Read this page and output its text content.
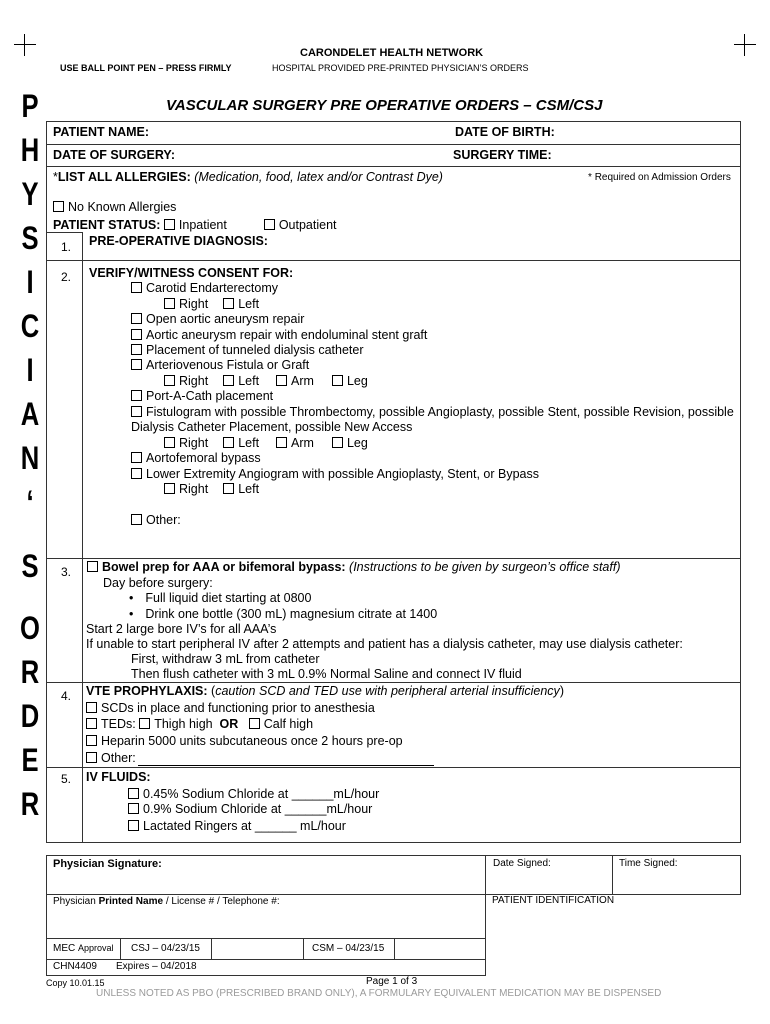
CARONDELET HEALTH NETWORK
USE BALL POINT PEN – PRESS FIRMLY	HOSPITAL PROVIDED PRE-PRINTED PHYSICIAN’S ORDERS
VASCULAR SURGERY PRE OPERATIVE ORDERS – CSM/CSJ
P
H
Y
S
I
C
I
A
N
‘
S
O
R
D
E
R
PATIENT NAME:	DATE OF BIRTH:
DATE OF SURGERY:	SURGERY TIME:
*LIST ALL ALLERGIES: (Medication, food, latex and/or Contrast Dye)	* Required on Admission Orders
No Known Allergies
PATIENT STATUS: Inpatient	Outpatient
1. PRE-OPERATIVE DIAGNOSIS:
2. VERIFY/WITNESS CONSENT FOR:
Carotid Endarterectomy
Right Left
Open aortic aneurysm repair
Aortic aneurysm repair with endoluminal stent graft
Placement of tunneled dialysis catheter
Arteriovenous Fistula or Graft
Right Left	Arm	Leg
Port-A-Cath placement
Fistulogram with possible Thrombectomy, possible Angioplasty, possible Stent, possible Revision, possible
Dialysis Catheter Placement, possible New Access
Right Left	Arm	Leg
Aortofemoral bypass
Lower Extremity Angiogram with possible Angioplasty, Stent, or Bypass
Right Left
Other:
3.	Bowel prep for AAA or bifemoral bypass: (Instructions to be given by surgeon’s office staff)
Day before surgery:
• Full liquid diet starting at 0800
• Drink one bottle (300 mL) magnesium citrate at 1400
Start 2 large bore IV’s for all AAA’s
If unable to start peripheral IV after 2 attempts and patient has a dialysis catheter, may use dialysis catheter:
First, withdraw 3 mL from catheter
Then flush catheter with 3 mL 0.9% Normal Saline and connect IV fluid
4. VTE PROPHYLAXIS: (caution SCD and TED use with peripheral arterial insufficiency)
SCDs in place and functioning prior to anesthesia
TEDs: Thigh high OR Calf high
Heparin 5000 units subcutaneous once 2 hours pre-op
Other:
5. IV FLUIDS:
0.45% Sodium Chloride at ______mL/hour
0.9% Sodium Chloride at ______mL/hour
Lactated Ringers at ______ mL/hour
Physician Signature:	Date Signed:	Time Signed:
Physician Printed Name / License # / Telephone #:	PATIENT IDENTIFICATION
MEC Approval CSJ – 04/23/15	CSM – 04/23/15
CHN4409 Expires – 04/2018
Copy 10.01.15	Page 1 of 3
UNLESS NOTED AS PBO (PRESCRIBED BRAND ONLY), A FORMULARY EQUIVALENT MEDICATION MAY BE DISPENSED
